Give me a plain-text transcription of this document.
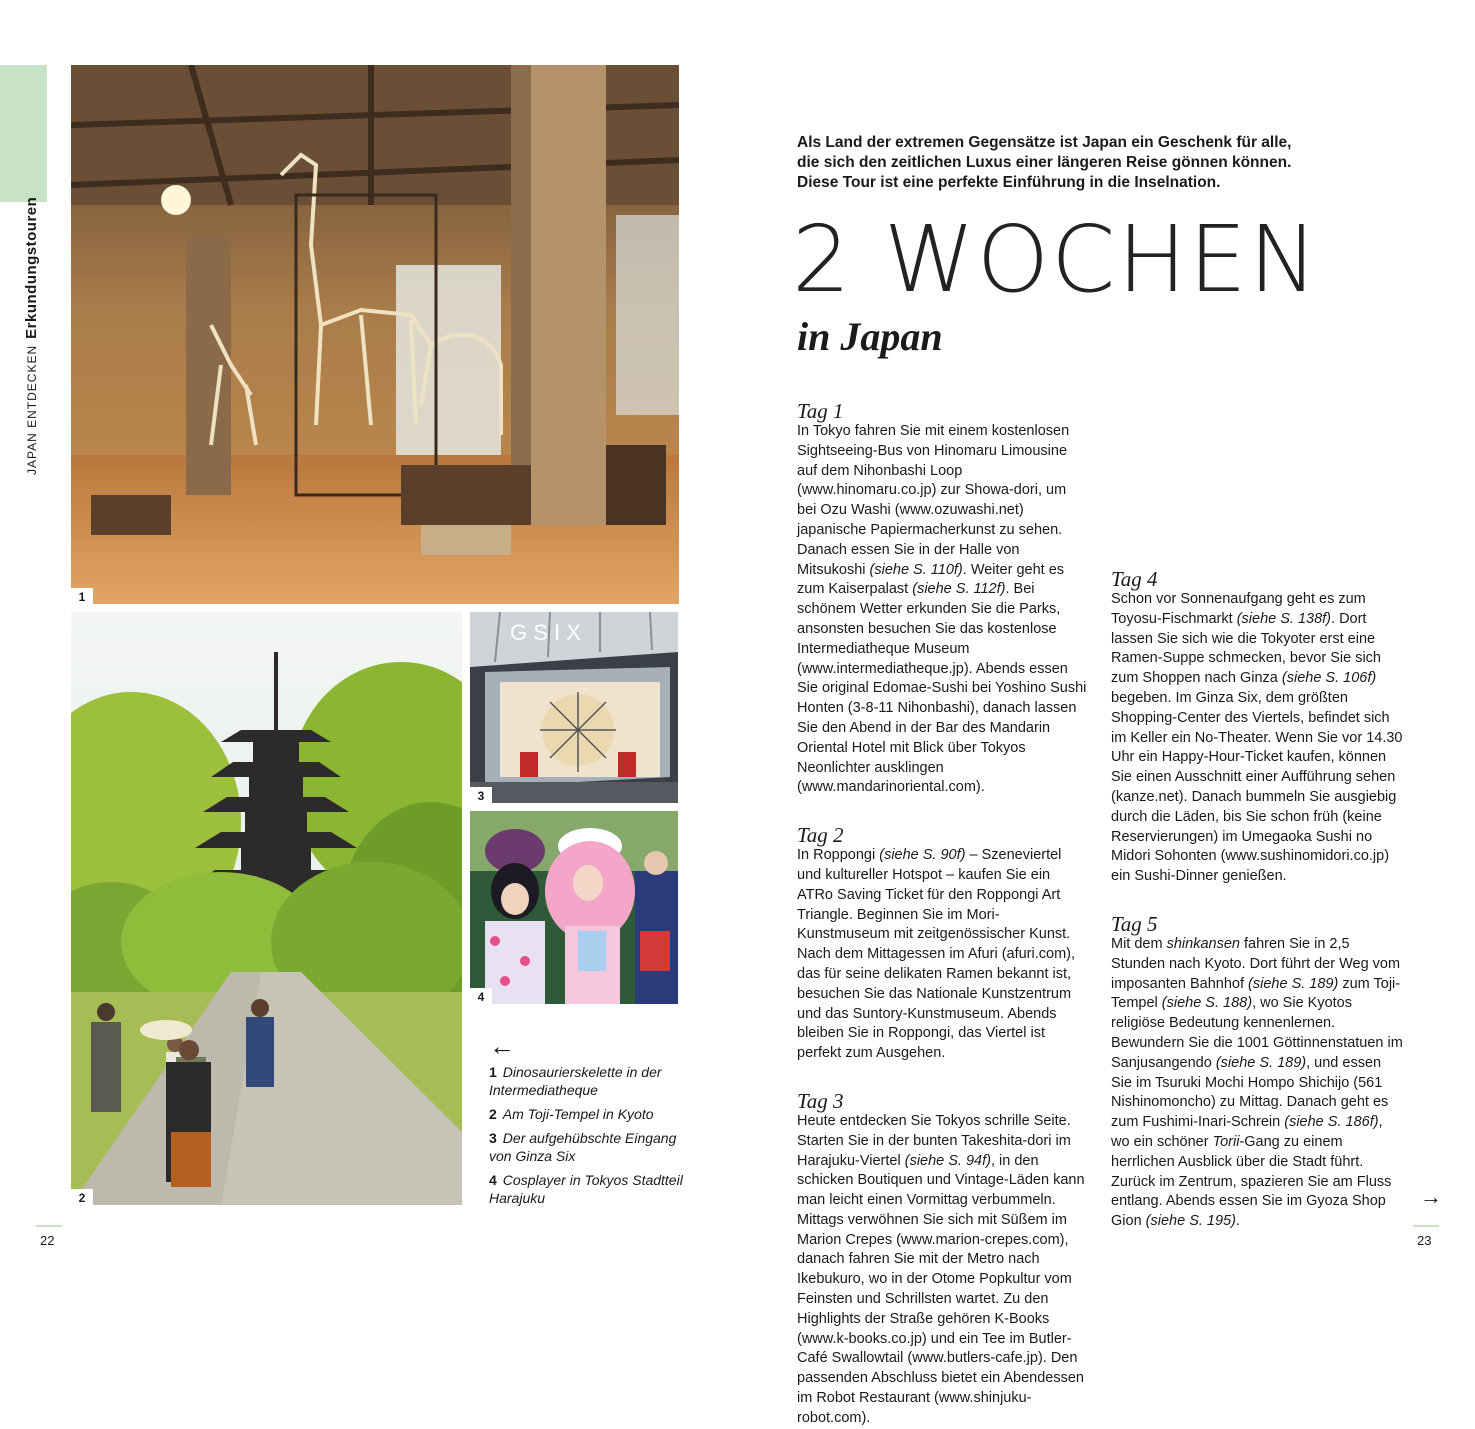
JAPAN ENTDECKENErkundungstouren
1
2
G S I X
3
4
←
1 Dinosaurierskelette in der Intermediatheque
2 Am Toji-Tempel in Kyoto
3 Der aufgehübschte Eingang von Ginza Six
4 Cosplayer in Tokyos Stadtteil Harajuku
Als Land der extremen Gegensätze ist Japan ein Geschenk für alle,
die sich den zeitlichen Luxus einer längeren Reise gönnen können.
Diese Tour ist eine perfekte Einführung in die Inselnation.
2 WOCHEN
in Japan
Tag 1

In Tokyo fahren Sie mit einem kostenlosen Sightseeing-Bus von Hinomaru Limousine auf dem Nihonbashi Loop (www.hinomaru.co.jp) zur Showa-dori, um bei Ozu Washi (www.ozuwashi.net) japanische Papiermacherkunst zu sehen. Danach essen Sie in der Halle von Mitsukoshi (siehe S. 110f). Weiter geht es zum Kaiserpalast (siehe S. 112f). Bei schönem Wetter erkunden Sie die Parks, ansonsten besuchen Sie das kostenlose Intermediatheque Museum (www.intermediatheque.jp). Abends essen Sie original Edomae-Sushi bei Yoshino Sushi Honten (3-8-11 Nihonbashi), danach lassen Sie den Abend in der Bar des Mandarin Oriental Hotel mit Blick über Tokyos Neonlichter ausklingen (www.mandarinoriental.com).

Tag 2

In Roppongi (siehe S. 90f) – Szeneviertel und kultureller Hotspot – kaufen Sie ein ATRo Saving Ticket für den Roppongi Art Triangle. Beginnen Sie im Mori-Kunstmuseum mit zeitgenössischer Kunst. Nach dem Mittagessen im Afuri (afuri.com), das für seine delikaten Ramen bekannt ist, besuchen Sie das Nationale Kunstzentrum und das Suntory-Kunstmuseum. Abends bleiben Sie in Roppongi, das Viertel ist perfekt zum Ausgehen.

Tag 3

Heute entdecken Sie Tokyos schrille Seite. Starten Sie in der bunten Takeshita-dori im Harajuku-Viertel (siehe S. 94f), in den schicken Boutiquen und Vintage-Läden kann man leicht einen Vormittag verbummeln. Mittags verwöhnen Sie sich mit Süßem im Marion Crepes (www.marion-crepes.com), danach fahren Sie mit der Metro nach Ikebukuro, wo in der Otome Popkultur vom Feinsten und Schrillsten wartet. Zu den Highlights der Straße gehören K-Books (www.k-books.co.jp) und ein Tee im Butler-Café Swallowtail (www.butlers-cafe.jp). Den passenden Abschluss bietet ein Abendessen im Robot Restaurant (www.shinjuku-robot.com).

Tag 4

Schon vor Sonnenaufgang geht es zum Toyosu-Fischmarkt (siehe S. 138f). Dort lassen Sie sich wie die Tokyoter erst eine Ramen-Suppe schmecken, bevor Sie sich zum Shoppen nach Ginza (siehe S. 106f) begeben. Im Ginza Six, dem größten Shopping-Center des Viertels, befindet sich im Keller ein No-Theater. Wenn Sie vor 14.30 Uhr ein Happy-Hour-Ticket kaufen, können Sie einen Ausschnitt einer Aufführung sehen (kanze.net). Danach bummeln Sie ausgiebig durch die Läden, bis Sie schon früh (keine Reservierungen) im Umegaoka Sushi no Midori Sohonten (www.sushinomidori.co.jp) ein Sushi-Dinner genießen.

Tag 5

Mit dem shinkansen fahren Sie in 2,5 Stunden nach Kyoto. Dort führt der Weg vom imposanten Bahnhof (siehe S. 189) zum Toji-Tempel (siehe S. 188), wo Sie Kyotos religiöse Bedeutung kennenlernen. Bewundern Sie die 1001 Göttinnenstatuen im Sanjusangendo (siehe S. 189), und essen Sie im Tsuruki Mochi Hompo Shichijo (561 Nishinomoncho) zu Mittag. Danach geht es zum Fushimi-Inari-Schrein (siehe S. 186f), wo ein schöner Torii-Gang zu einem herrlichen Ausblick über die Stadt führt. Zurück im Zentrum, spazieren Sie am Fluss entlang. Abends essen Sie im Gyoza Shop Gion (siehe S. 195).

22	23
→
